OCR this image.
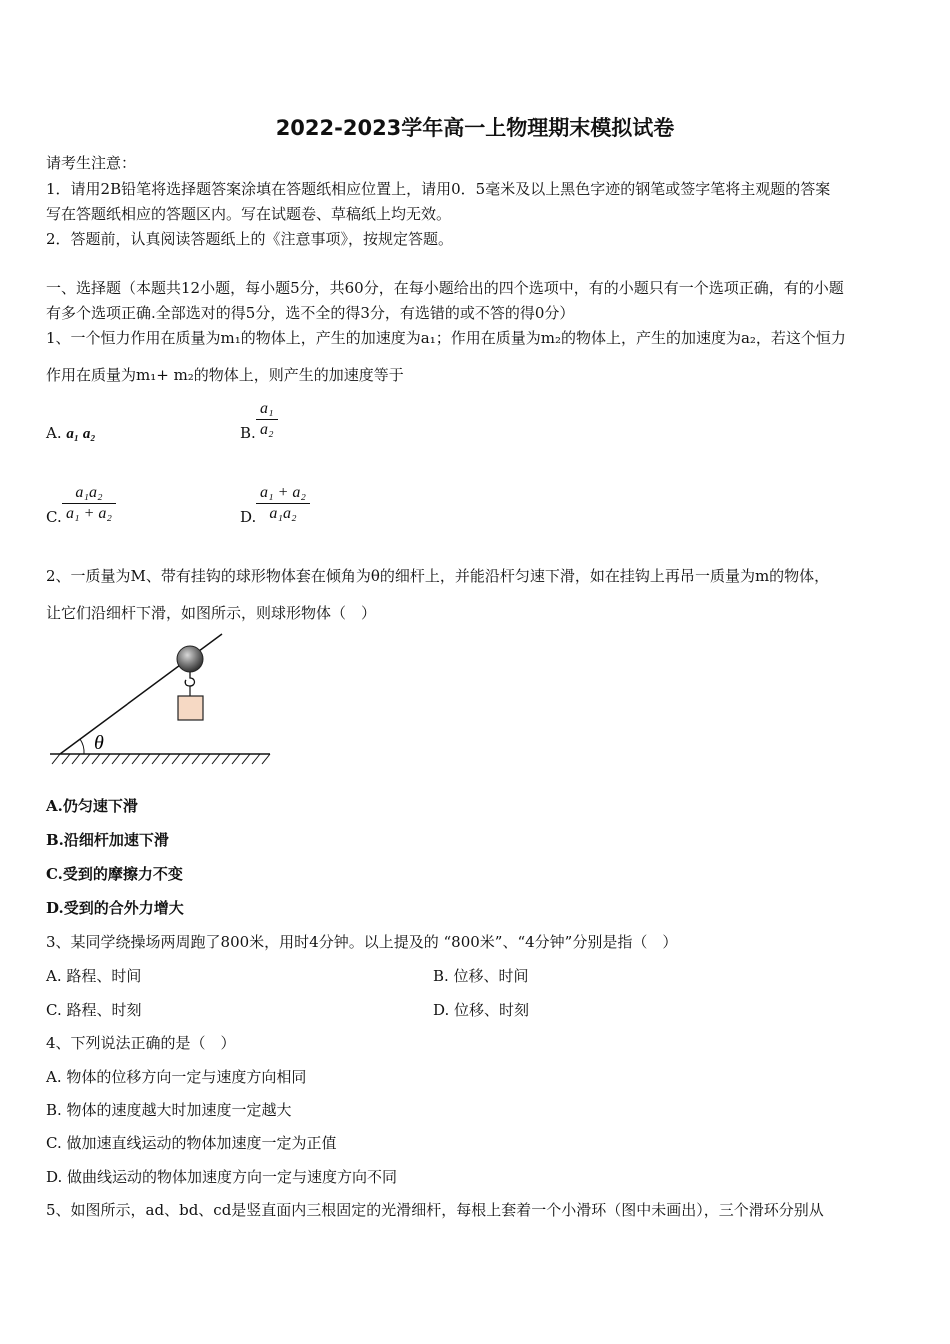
2022-2023学年高一上物理期末模拟试卷
请考生注意：
1．请用2B铅笔将选择题答案涂填在答题纸相应位置上，请用0．5毫米及以上黑色字迹的钢笔或签字笔将主观题的答案
写在答题纸相应的答题区内。写在试题卷、草稿纸上均无效。
2．答题前，认真阅读答题纸上的《注意事项》，按规定答题。
一、选择题（本题共12小题，每小题5分，共60分，在每小题给出的四个选项中，有的小题只有一个选项正确，有的小题
有多个选项正确.全部选对的得5分，选不全的得3分，有选错的或不答的得0分）
1、一个恒力作用在质量为m₁的物体上，产生的加速度为a₁；作用在质量为m₂的物体上，产生的加速度为a₂，若这个恒力
作用在质量为m₁+ m₂的物体上，则产生的加速度等于
A. a₁ a₂	B.
a₁
a₂
C.
a₁a₂
a₁ + a₂	D.
a₁ + a₂
a₁a₂
2、一质量为M、带有挂钩的球形物体套在倾角为θ的细杆上，并能沿杆匀速下滑，如在挂钩上再吊一质量为m的物体，
让它们沿细杆下滑，如图所示，则球形物体（　）
θ
A.仍匀速下滑
B.沿细杆加速下滑
C.受到的摩擦力不变
D.受到的合外力增大
3、某同学绕操场两周跑了800米，用时4分钟。以上提及的 “800米”、“4分钟”分别是指（　）
A. 路程、时间	B. 位移、时间
C. 路程、时刻	D. 位移、时刻
4、下列说法正确的是（　）
A. 物体的位移方向一定与速度方向相同
B. 物体的速度越大时加速度一定越大
C. 做加速直线运动的物体加速度一定为正值
D. 做曲线运动的物体加速度方向一定与速度方向不同
5、如图所示，ad、bd、cd是竖直面内三根固定的光滑细杆，每根上套着一个小滑环（图中未画出），三个滑环分别从
